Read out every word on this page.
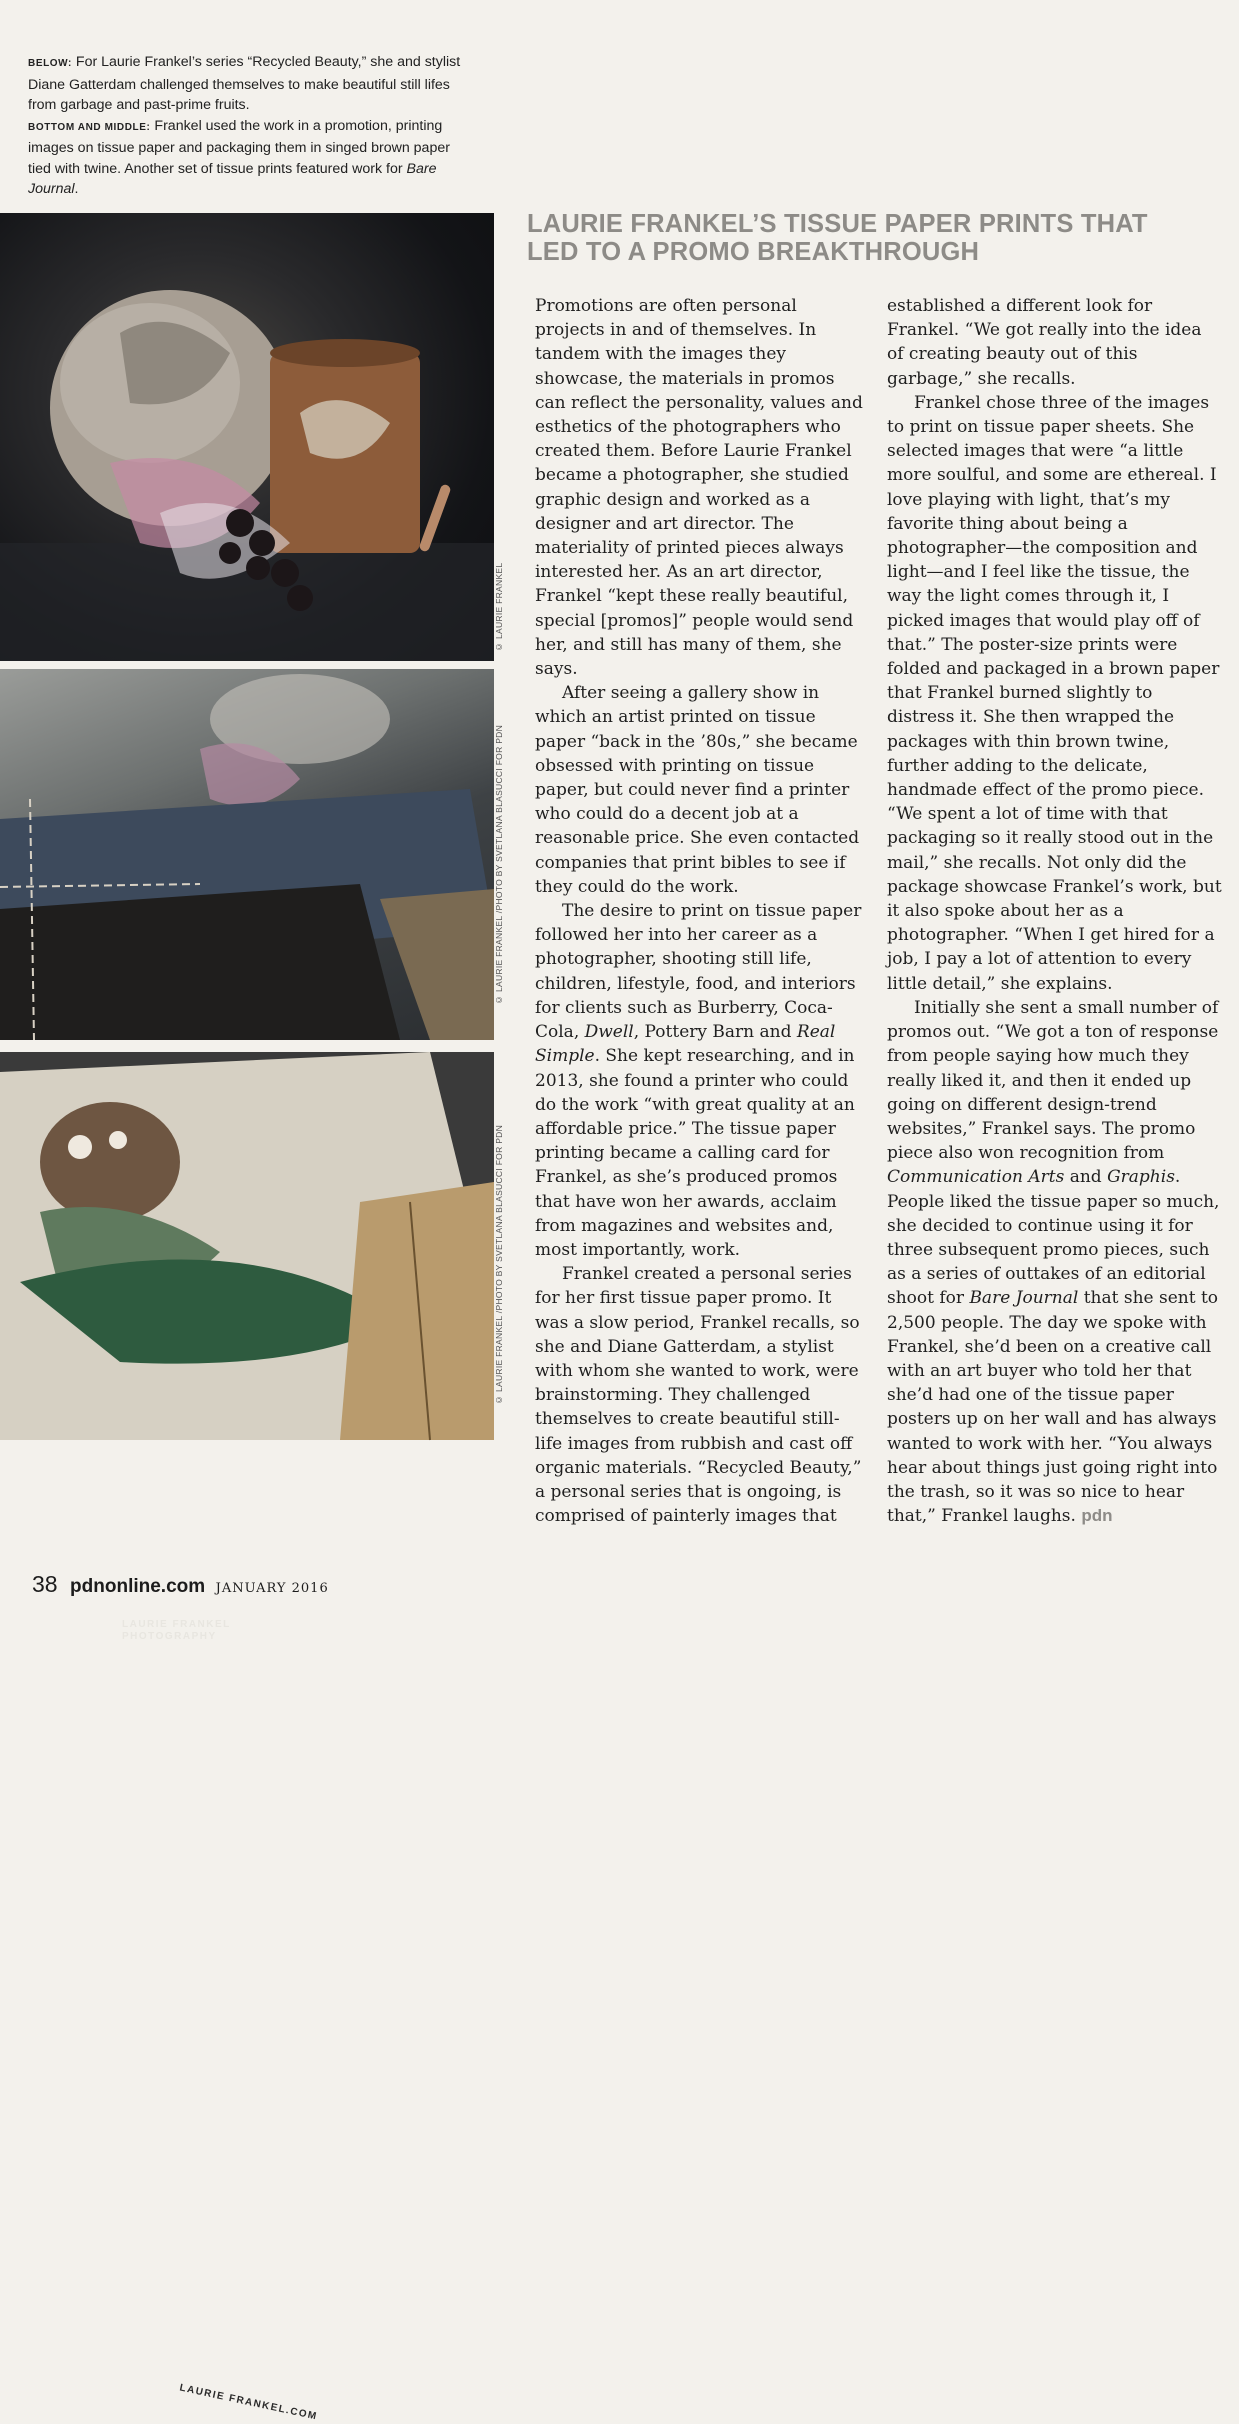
BELOW: For Laurie Frankel’s series “Recycled Beauty,” she and stylist Diane Gatterdam challenged themselves to make beautiful still lifes from garbage and past-prime fruits.
BOTTOM AND MIDDLE: Frankel used the work in a promotion, printing images on tissue paper and packaging them in singed brown paper tied with twine. Another set of tissue prints featured work for Bare Journal.
© LAURIE FRANKEL
LAURIE FRANKEL PHOTOGRAPHY
© LAURIE FRANKEL /PHOTO BY SVETLANA BLASUCCI FOR PDN
LAURIE FRANKEL.COM
© LAURIE FRANKEL /PHOTO BY SVETLANA BLASUCCI FOR PDN
LAURIE FRANKEL’S TISSUE PAPER PRINTS THAT LED TO A PROMO BREAKTHROUGH

Promotions are often personal projects in and of themselves. In tandem with the images they showcase, the materials in promos can reflect the personality, values and esthetics of the photographers who created them. Before Laurie Frankel became a photographer, she studied graphic design and worked as a designer and art director. The materiality of printed pieces always interested her. As an art director, Frankel “kept these really beautiful, special [promos]” people would send her, and still has many of them, she says.

After seeing a gallery show in which an artist printed on tissue paper “back in the ’80s,” she became obsessed with printing on tissue paper, but could never find a printer who could do a decent job at a reasonable price. She even contacted companies that print bibles to see if they could do the work.

The desire to print on tissue paper followed her into her career as a photographer, shooting still life, children, lifestyle, food, and interiors for clients such as Burberry, Coca-Cola, Dwell, Pottery Barn and Real Simple. She kept researching, and in 2013, she found a printer who could do the work “with great quality at an affordable price.” The tissue paper printing became a calling card for Frankel, as she’s produced promos that have won her awards, acclaim from magazines and websites and, most importantly, work.

Frankel created a personal series for her first tissue paper promo. It was a slow period, Frankel recalls, so she and Diane Gatterdam, a stylist with whom she wanted to work, were brainstorming. They challenged themselves to create beautiful still-life images from rubbish and cast off organic materials. “Recycled Beauty,” a personal series that is ongoing, is comprised of painterly images that

established a different look for Frankel. “We got really into the idea of creating beauty out of this garbage,” she recalls.

Frankel chose three of the images to print on tissue paper sheets. She selected images that were “a little more soulful, and some are ethereal. I love playing with light, that’s my favorite thing about being a photographer—the composition and light—and I feel like the tissue, the way the light comes through it, I picked images that would play off of that.” The poster-size prints were folded and packaged in a brown paper that Frankel burned slightly to distress it. She then wrapped the packages with thin brown twine, further adding to the delicate, handmade effect of the promo piece. “We spent a lot of time with that packaging so it really stood out in the mail,” she recalls. Not only did the package showcase Frankel’s work, but it also spoke about her as a photographer. “When I get hired for a job, I pay a lot of attention to every little detail,” she explains.

Initially she sent a small number of promos out. “We got a ton of response from people saying how much they really liked it, and then it ended up going on different design-trend websites,” Frankel says. The promo piece also won recognition from Communication Arts and Graphis. People liked the tissue paper so much, she decided to continue using it for three subsequent promo pieces, such as a series of outtakes of an editorial shoot for Bare Journal that she sent to 2,500 people. The day we spoke with Frankel, she’d been on a creative call with an art buyer who told her that she’d had one of the tissue paper posters up on her wall and has always wanted to work with her. “You always hear about things just going right into the trash, so it was so nice to hear that,” Frankel laughs. pdn

38 pdnonline.com JANUARY 2016
